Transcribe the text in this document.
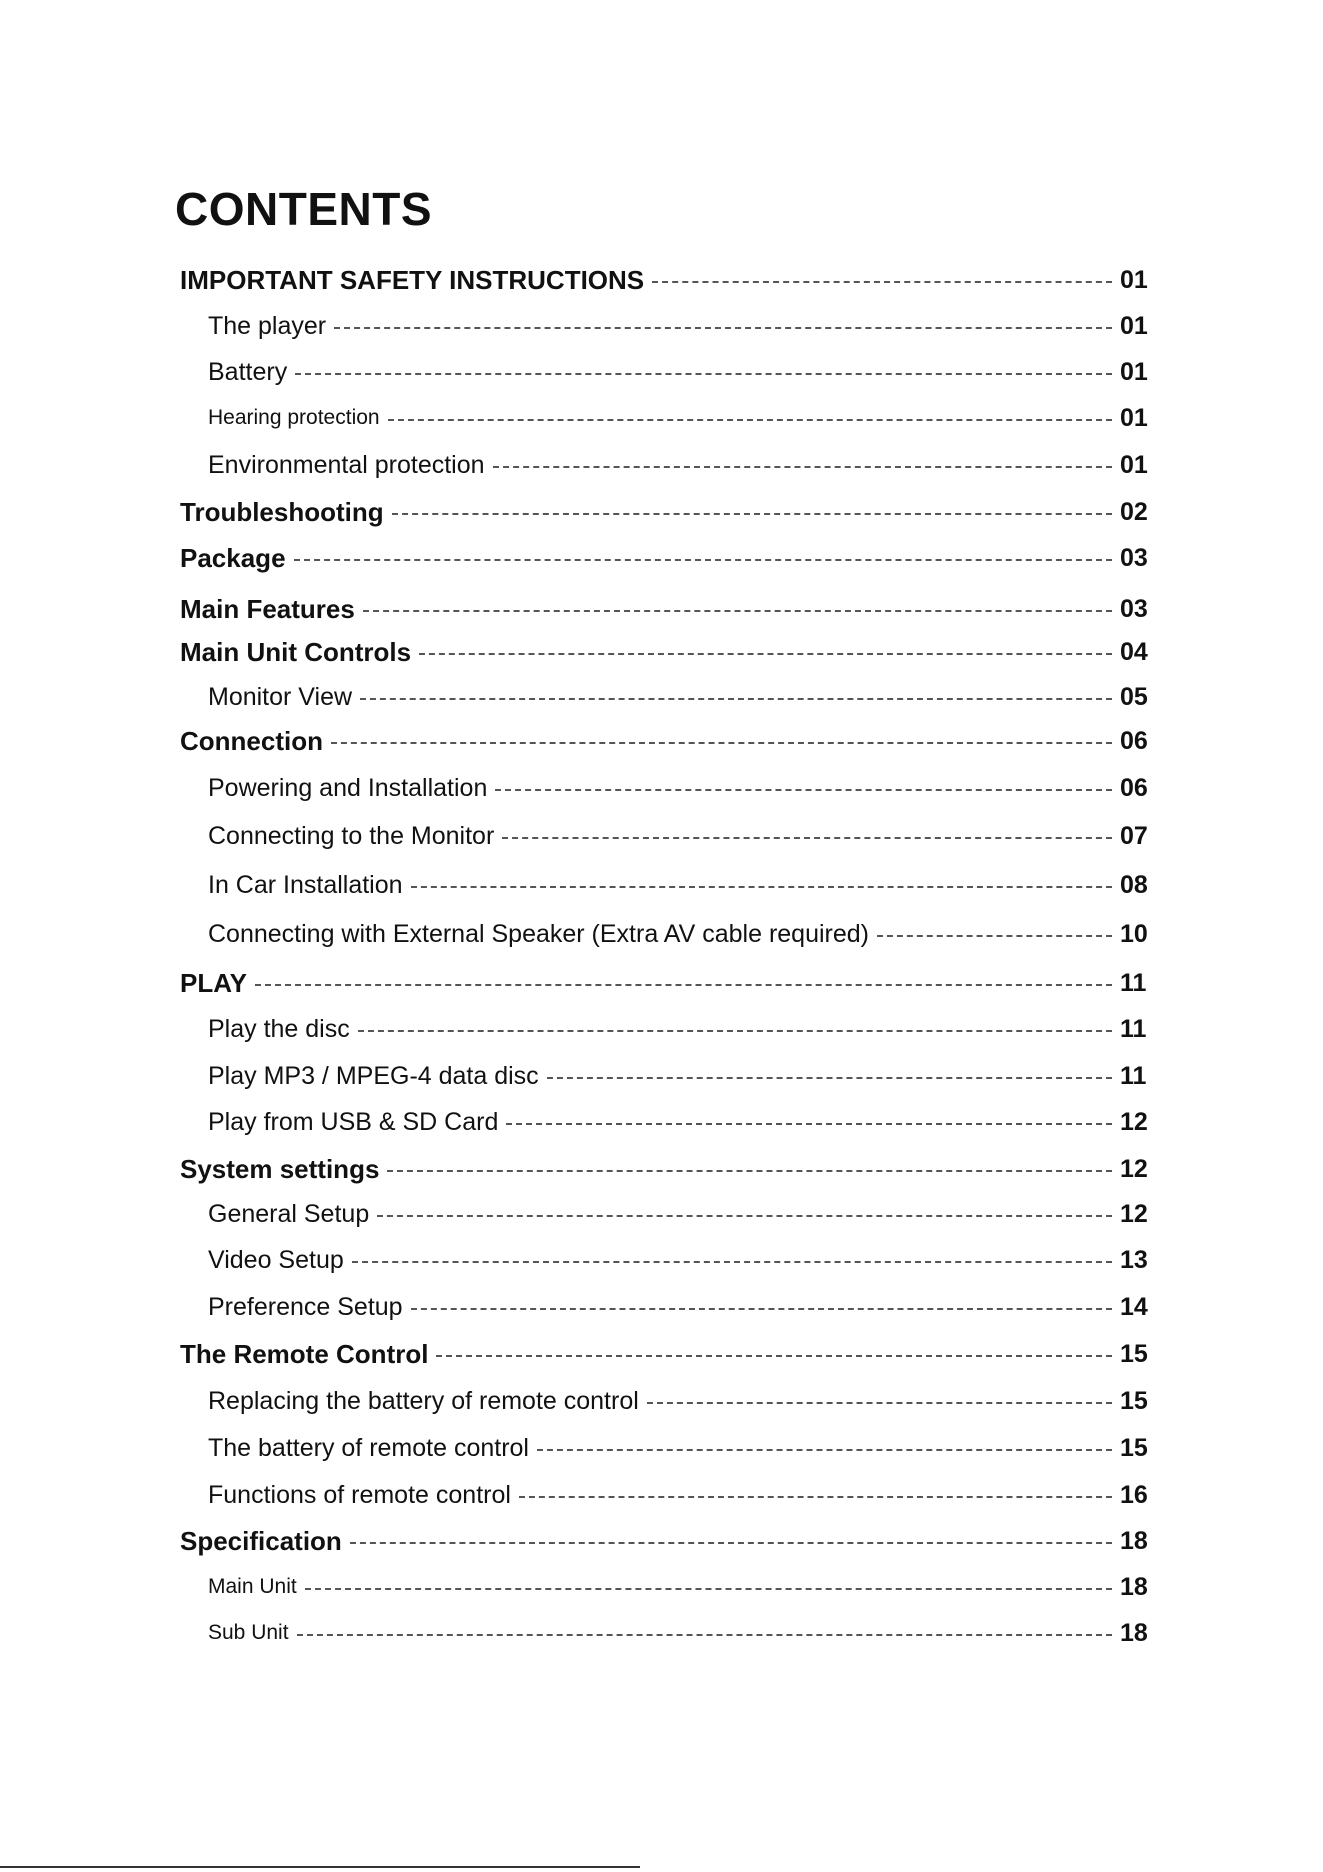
CONTENTS
IMPORTANT SAFETY INSTRUCTIONS	01
The player	01
Battery	01
Hearing protection	01
Environmental protection	01
Troubleshooting	02
Package	03
Main Features	03
Main Unit Controls	04
Monitor View	05
Connection	06
Powering and Installation	06
Connecting to the Monitor	07
In Car Installation	08
Connecting with External Speaker (Extra AV cable required)	10
PLAY	11
Play the disc	11
Play MP3 / MPEG-4 data disc	11
Play from USB & SD Card	12
System settings	12
General Setup	12
Video Setup	13
Preference Setup	14
The Remote Control	15
Replacing the battery of remote control	15
The battery of remote control	15
Functions of remote control	16
Specification	18
Main Unit	18
Sub Unit	18
